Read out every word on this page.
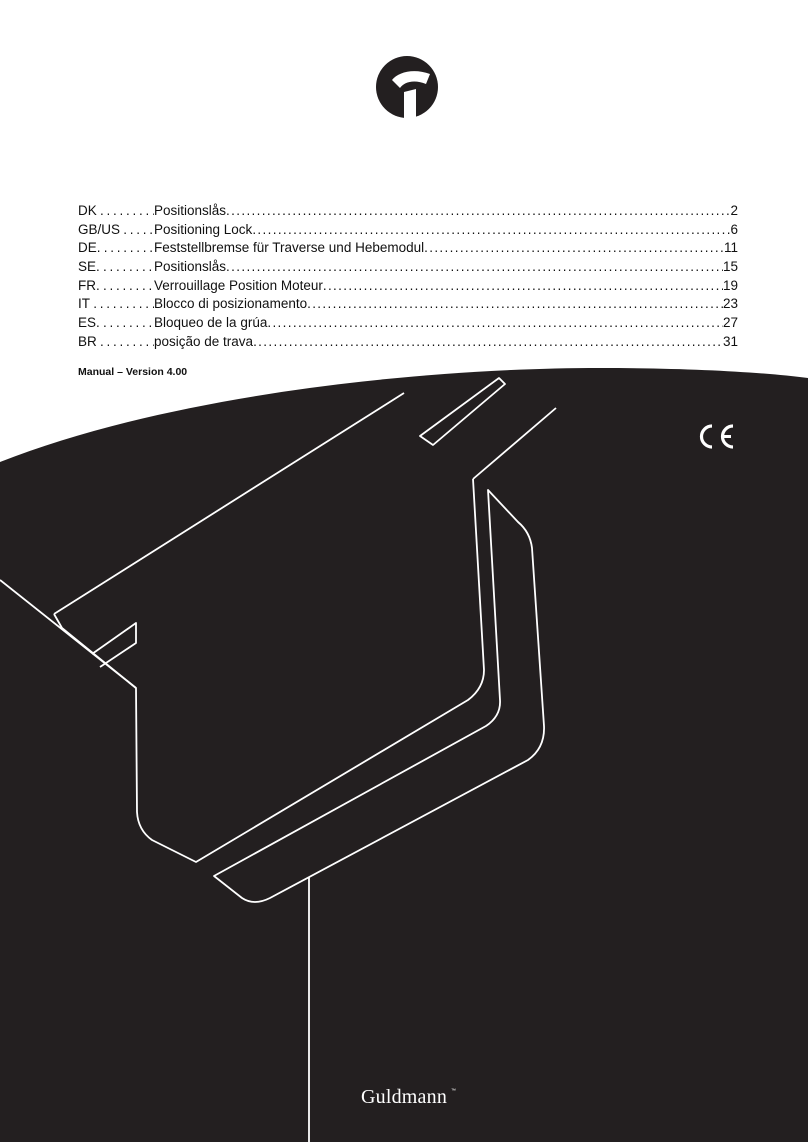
DK . . .	Positionslås . . .	2
GB/US . . .	Positioning Lock . . .	6
DE. . . .	Feststellbremse für Traverse und Hebemodul . . .	11
SE. . . .	Positionslås . . .	15
FR. . . .	Verrouillage Position Moteur . . .	19
IT . . .	Blocco di posizionamento . . .	23
ES. . . .	Bloqueo de la grúa . . .	27
BR . . .	posição de trava . . .	31
Manual – Version 4.00
Guldmann ™
